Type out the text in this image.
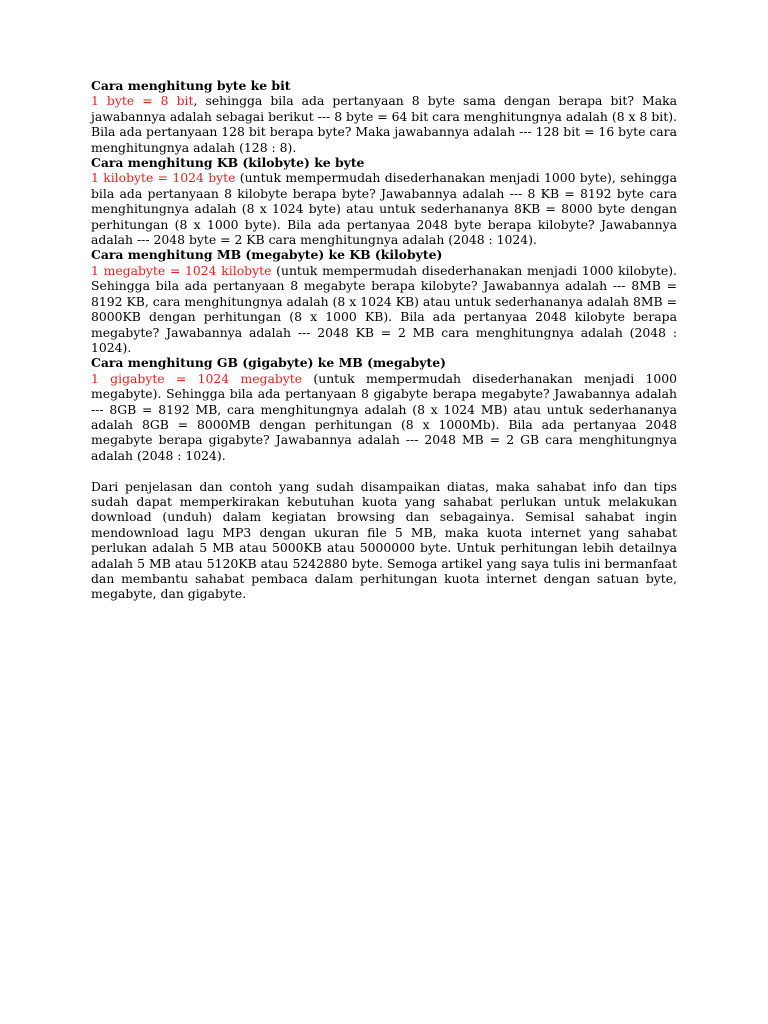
Cara menghitung byte ke bit

1 byte = 8 bit, sehingga bila ada pertanyaan 8 byte sama dengan berapa bit? Maka jawabannya adalah sebagai berikut --- 8 byte = 64 bit cara menghitungnya adalah (8 x 8 bit). Bila ada pertanyaan 128 bit berapa byte? Maka jawabannya adalah --- 128 bit = 16 byte cara menghitungnya adalah (128 : 8).

Cara menghitung KB (kilobyte) ke byte

1 kilobyte = 1024 byte (untuk mempermudah disederhanakan menjadi 1000 byte), sehingga bila ada pertanyaan 8 kilobyte berapa byte? Jawabannya adalah --- 8 KB = 8192 byte cara menghitungnya adalah (8 x 1024 byte) atau untuk sederhananya 8KB = 8000 byte dengan perhitungan (8 x 1000 byte). Bila ada pertanyaa 2048 byte berapa kilobyte? Jawabannya adalah --- 2048 byte = 2 KB cara menghitungnya adalah (2048 : 1024).

Cara menghitung MB (megabyte) ke KB (kilobyte)

1 megabyte = 1024 kilobyte (untuk mempermudah disederhanakan menjadi 1000 kilobyte). Sehingga bila ada pertanyaan 8 megabyte berapa kilobyte? Jawabannya adalah --- 8MB = 8192 KB, cara menghitungnya adalah (8 x 1024 KB) atau untuk sederhananya adalah 8MB = 8000KB dengan perhitungan (8 x 1000 KB). Bila ada pertanyaa 2048 kilobyte berapa megabyte? Jawabannya adalah --- 2048 KB = 2 MB cara menghitungnya adalah (2048 : 1024).

Cara menghitung GB (gigabyte) ke MB (megabyte)

1 gigabyte = 1024 megabyte (untuk mempermudah disederhanakan menjadi 1000 megabyte). Sehingga bila ada pertanyaan 8 gigabyte berapa megabyte? Jawabannya adalah --- 8GB = 8192 MB, cara menghitungnya adalah (8 x 1024 MB) atau untuk sederhananya adalah 8GB = 8000MB dengan perhitungan (8 x 1000Mb). Bila ada pertanyaa 2048 megabyte berapa gigabyte? Jawabannya adalah --- 2048 MB = 2 GB cara menghitungnya adalah (2048 : 1024).

Dari penjelasan dan contoh yang sudah disampaikan diatas, maka sahabat info dan tips sudah dapat memperkirakan kebutuhan kuota yang sahabat perlukan untuk melakukan download (unduh) dalam kegiatan browsing dan sebagainya. Semisal sahabat ingin mendownload lagu MP3 dengan ukuran file 5 MB, maka kuota internet yang sahabat perlukan adalah 5 MB atau 5000KB atau 5000000 byte. Untuk perhitungan lebih detailnya adalah 5 MB atau 5120KB atau 5242880 byte. Semoga artikel yang saya tulis ini bermanfaat dan membantu sahabat pembaca dalam perhitungan kuota internet dengan satuan byte, megabyte, dan gigabyte.
